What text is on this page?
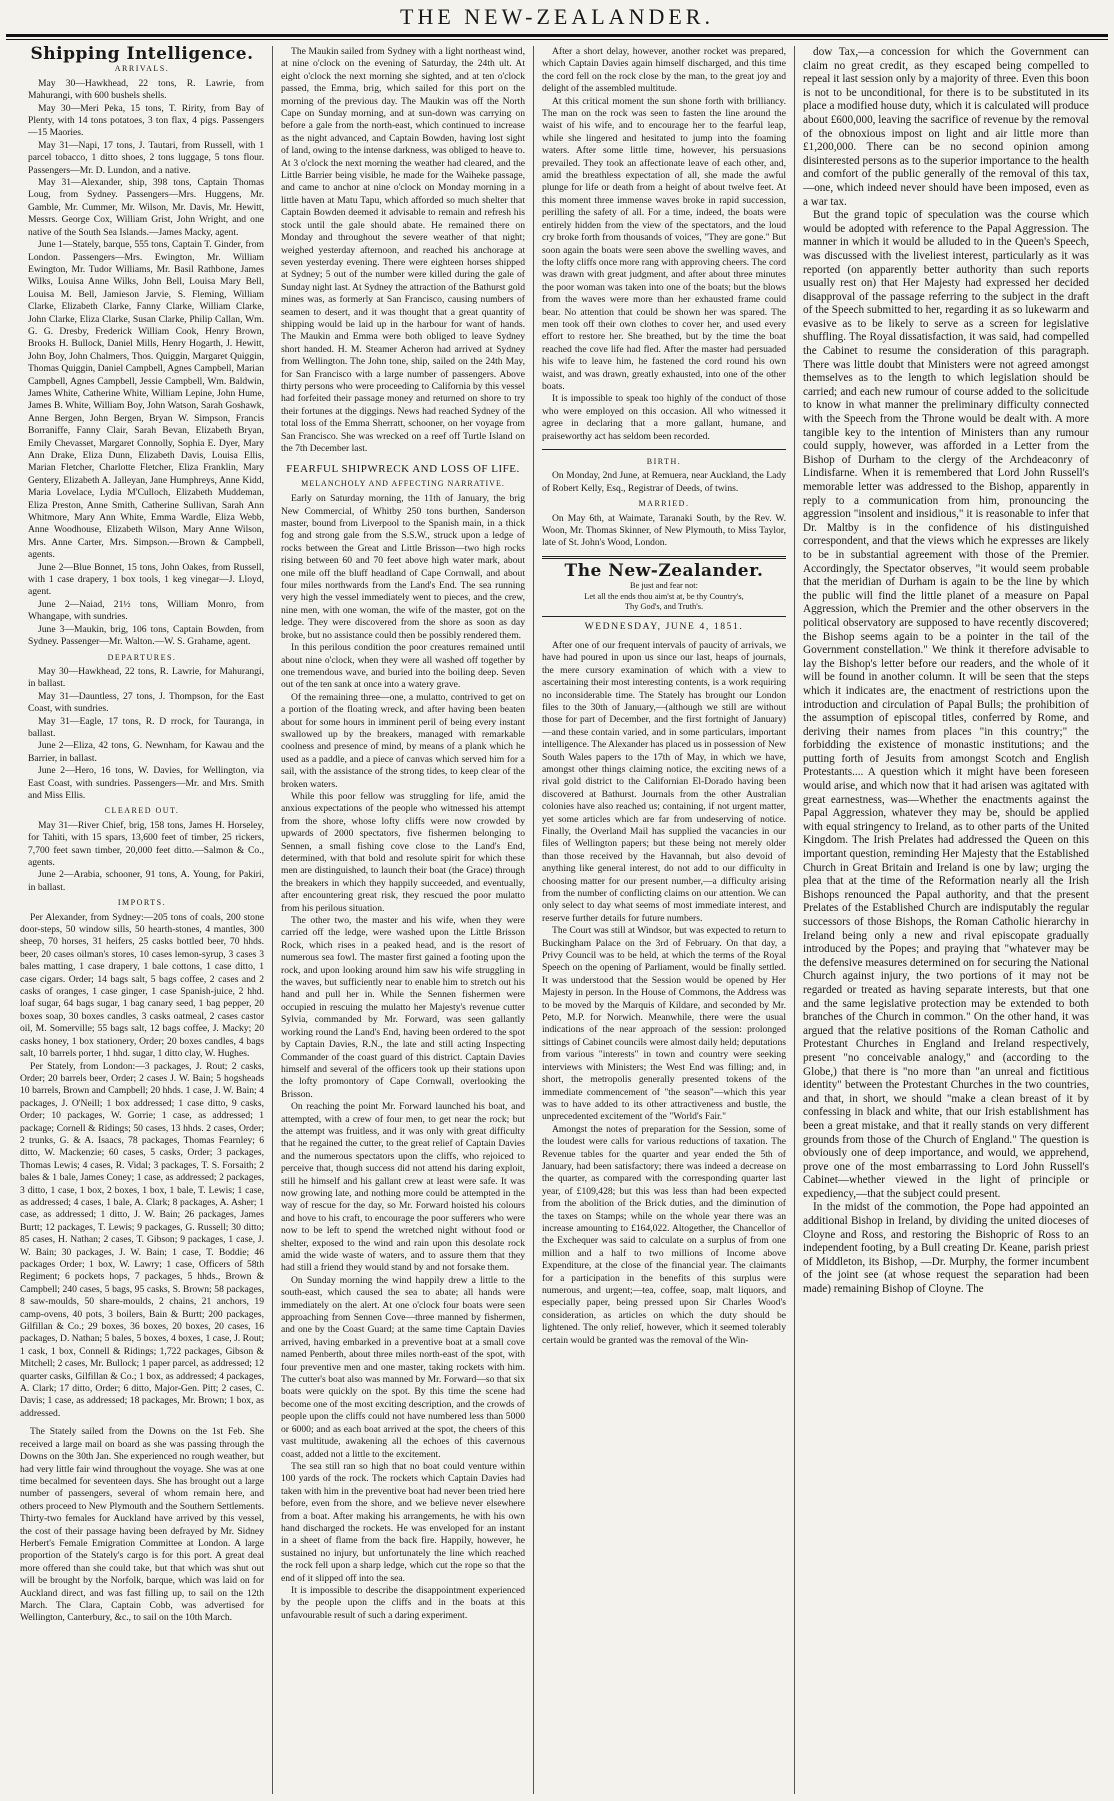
THE NEW-ZEALANDER.
Shipping Intelligence.
ARRIVALS.

May 30—Hawkhead, 22 tons, R. Lawrie, from Mahurangi, with 600 bushels shells.

May 30—Meri Peka, 15 tons, T. Ririty, from Bay of Plenty, with 14 tons potatoes, 3 ton flax, 4 pigs. Passengers—15 Maories.

May 31—Napi, 17 tons, J. Tautari, from Russell, with 1 parcel tobacco, 1 ditto shoes, 2 tons luggage, 5 tons flour. Passengers—Mr. D. Lundon, and a native.

May 31—Alexander, ship, 398 tons, Captain Thomas Loug, from Sydney. Passengers—Mrs. Huggens, Mr. Gamble, Mr. Cummer, Mr. Wilson, Mr. Davis, Mr. Hewitt, Messrs. George Cox, William Grist, John Wright, and one native of the South Sea Islands.—James Macky, agent.

June 1—Stately, barque, 555 tons, Captain T. Ginder, from London. Passengers—Mrs. Ewington, Mr. William Ewington, Mr. Tudor Williams, Mr. Basil Rathbone, James Wilks, Louisa Anne Wilks, John Bell, Louisa Mary Bell, Louisa M. Bell, Jamieson Jarvie, S. Fleming, William Clarke, Elizabeth Clarke, Fanny Clarke, William Clarke, John Clarke, Eliza Clarke, Susan Clarke, Philip Callan, Wm. G. G. Dresby, Frederick William Cook, Henry Brown, Brooks H. Bullock, Daniel Mills, Henry Hogarth, J. Hewitt, John Boy, John Chalmers, Thos. Quiggin, Margaret Quiggin, Thomas Quiggin, Daniel Campbell, Agnes Campbell, Marian Campbell, Agnes Campbell, Jessie Campbell, Wm. Baldwin, James White, Catherine White, William Lepine, John Hume, James B. White, William Boy, John Watson, Sarah Goshawk, Anne Bergen, John Bergen, Bryan W. Simpson, Francis Borraniffe, Fanny Clair, Sarah Bevan, Elizabeth Bryan, Emily Chevasset, Margaret Connolly, Sophia E. Dyer, Mary Ann Drake, Eliza Dunn, Elizabeth Davis, Louisa Ellis, Marian Fletcher, Charlotte Fletcher, Eliza Franklin, Mary Gentery, Elizabeth A. Jalleyan, Jane Humphreys, Anne Kidd, Maria Lovelace, Lydia M'Culloch, Elizabeth Muddeman, Eliza Preston, Anne Smith, Catherine Sullivan, Sarah Ann Whitmore, Mary Ann White, Emma Wardle, Eliza Webb, Anne Woodhouse, Elizabeth Wilson, Mary Anne Wilson, Mrs. Anne Carter, Mrs. Simpson.—Brown & Campbell, agents.

June 2—Blue Bonnet, 15 tons, John Oakes, from Russell, with 1 case drapery, 1 box tools, 1 keg vinegar—J. Lloyd, agent.

June 2—Naiad, 21½ tons, William Monro, from Whangape, with sundries.

June 3—Maukin, brig, 106 tons, Captain Bowden, from Sydney. Passenger—Mr. Walton.—W. S. Grahame, agent.

DEPARTURES.

May 30—Hawkhead, 22 tons, R. Lawrie, for Mahurangi, in ballast.

May 31—Dauntless, 27 tons, J. Thompson, for the East Coast, with sundries.

May 31—Eagle, 17 tons, R. D rrock, for Tauranga, in ballast.

June 2—Eliza, 42 tons, G. Newnham, for Kawau and the Barrier, in ballast.

June 2—Hero, 16 tons, W. Davies, for Wellington, via East Coast, with sundries. Passengers—Mr. and Mrs. Smith and Miss Ellis.

CLEARED OUT.

May 31—River Chief, brig, 158 tons, James H. Horseley, for Tahiti, with 15 spars, 13,600 feet of timber, 25 rickers, 7,700 feet sawn timber, 20,000 feet ditto.—Salmon & Co., agents.

June 2—Arabia, schooner, 91 tons, A. Young, for Pakiri, in ballast.

IMPORTS.

Per Alexander, from Sydney:—205 tons of coals, 200 stone door-steps, 50 window sills, 50 hearth-stones, 4 mantles, 300 sheep, 70 horses, 31 heifers, 25 casks bottled beer, 70 hhds. beer, 20 cases oilman's stores, 10 cases lemon-syrup, 3 cases 3 bales matting, 1 case drapery, 1 bale cottons, 1 case ditto, 1 case cigars. Order; 14 bags salt, 5 bags coffee, 2 cases and 2 casks of oranges, 1 case ginger, 1 case Spanish-juice, 2 hhd. loaf sugar, 64 bags sugar, 1 bag canary seed, 1 bag pepper, 20 boxes soap, 30 boxes candles, 3 casks oatmeal, 2 cases castor oil, M. Somerville; 55 bags salt, 12 bags coffee, J. Macky; 20 casks honey, 1 box stationery, Order; 20 boxes candles, 4 bags salt, 10 barrels porter, 1 hhd. sugar, 1 ditto clay, W. Hughes.

Per Stately, from London:—3 packages, J. Rout; 2 casks, Order; 20 barrels beer, Order; 2 cases J. W. Bain; 5 hogsheads 10 barrels, Brown and Campbell; 20 hhds. 1 case, J. W. Bain; 4 packages, J. O'Neill; 1 box addressed; 1 case ditto, 9 casks, Order; 10 packages, W. Gorrie; 1 case, as addressed; 1 package; Cornell & Ridings; 50 cases, 13 hhds. 2 cases, Order; 2 trunks, G. & A. Isaacs, 78 packages, Thomas Fearnley; 6 ditto, W. Mackenzie; 60 cases, 5 casks, Order; 3 packages, Thomas Lewis; 4 cases, R. Vidal; 3 packages, T. S. Forsaith; 2 bales & 1 bale, James Coney; 1 case, as addressed; 2 packages, 3 ditto, 1 case, 1 box, 2 boxes, 1 box, 1 bale, T. Lewis; 1 case, as addressed; 4 cases, 1 bale, A. Clark; 8 packages, A. Asher; 1 case, as addressed; 1 ditto, J. W. Bain; 26 packages, James Burtt; 12 packages, T. Lewis; 9 packages, G. Russell; 30 ditto; 85 cases, H. Nathan; 2 cases, T. Gibson; 9 packages, 1 case, J. W. Bain; 30 packages, J. W. Bain; 1 case, T. Boddie; 46 packages Order; 1 box, W. Lawry; 1 case, Officers of 58th Regiment; 6 pockets hops, 7 packages, 5 hhds., Brown & Campbell; 240 cases, 5 bags, 95 casks, S. Brown; 58 packages, 8 saw-moulds, 50 share-moulds, 2 chains, 21 anchors, 19 camp-ovens, 40 pots, 3 boilers, Bain & Burtt; 200 packages, Gilfillan & Co.; 29 boxes, 36 boxes, 20 boxes, 20 cases, 16 packages, D. Nathan; 5 bales, 5 boxes, 4 boxes, 1 case, J. Rout; 1 cask, 1 box, Connell & Ridings; 1,722 packages, Gibson & Mitchell; 2 cases, Mr. Bullock; 1 paper parcel, as addressed; 12 quarter casks, Gilfillan & Co.; 1 box, as addressed; 4 packages, A. Clark; 17 ditto, Order; 6 ditto, Major-Gen. Pitt; 2 cases, C. Davis; 1 case, as addressed; 18 packages, Mr. Brown; 1 box, as addressed.

The Stately sailed from the Downs on the 1st Feb. She received a large mail on board as she was passing through the Downs on the 30th Jan. She experienced no rough weather, but had very little fair wind throughout the voyage. She was at one time becalmed for seventeen days. She has brought out a large number of passengers, several of whom remain here, and others proceed to New Plymouth and the Southern Settlements. Thirty-two females for Auckland have arrived by this vessel, the cost of their passage having been defrayed by Mr. Sidney Herbert's Female Emigration Committee at London. A large proportion of the Stately's cargo is for this port. A great deal more offered than she could take, but that which was shut out will be brought by the Norfolk, barque, which was laid on for Auckland direct, and was fast filling up, to sail on the 12th March. The Clara, Captain Cobb, was advertised for Wellington, Canterbury, &c., to sail on the 10th March.

The Maukin sailed from Sydney with a light northeast wind, at nine o'clock on the evening of Saturday, the 24th ult. At eight o'clock the next morning she sighted, and at ten o'clock passed, the Emma, brig, which sailed for this port on the morning of the previous day. The Maukin was off the North Cape on Sunday morning, and at sun-down was carrying on before a gale from the north-east, which continued to increase as the night advanced, and Captain Bowden, having lost sight of land, owing to the intense darkness, was obliged to heave to. At 3 o'clock the next morning the weather had cleared, and the Little Barrier being visible, he made for the Waiheke passage, and came to anchor at nine o'clock on Monday morning in a little haven at Matu Tapu, which afforded so much shelter that Captain Bowden deemed it advisable to remain and refresh his stock until the gale should abate. He remained there on Monday and throughout the severe weather of that night; weighed yesterday afternoon, and reached his anchorage at seven yesterday evening. There were eighteen horses shipped at Sydney; 5 out of the number were killed during the gale of Sunday night last. At Sydney the attraction of the Bathurst gold mines was, as formerly at San Francisco, causing numbers of seamen to desert, and it was thought that a great quantity of shipping would be laid up in the harbour for want of hands. The Maukin and Emma were both obliged to leave Sydney short handed. H. M. Steamer Acheron had arrived at Sydney from Wellington. The John tone, ship, sailed on the 24th May, for San Francisco with a large number of passengers. Above thirty persons who were proceeding to California by this vessel had forfeited their passage money and returned on shore to try their fortunes at the diggings. News had reached Sydney of the total loss of the Emma Sherratt, schooner, on her voyage from San Francisco. She was wrecked on a reef off Turtle Island on the 7th December last.

FEARFUL SHIPWRECK AND LOSS OF LIFE.
MELANCHOLY AND AFFECTING NARRATIVE.

Early on Saturday morning, the 11th of January, the brig New Commercial, of Whitby 250 tons burthen, Sanderson master, bound from Liverpool to the Spanish main, in a thick fog and strong gale from the S.S.W., struck upon a ledge of rocks between the Great and Little Brisson—two high rocks rising between 60 and 70 feet above high water mark, about one mile off the bluff headland of Cape Cornwall, and about four miles northwards from the Land's End. The sea running very high the vessel immediately went to pieces, and the crew, nine men, with one woman, the wife of the master, got on the ledge. They were discovered from the shore as soon as day broke, but no assistance could then be possibly rendered them.

In this perilous condition the poor creatures remained until about nine o'clock, when they were all washed off together by one tremendous wave, and buried into the boiling deep. Seven out of the ten sank at once into a watery grave.

Of the remaining three—one, a mulatto, contrived to get on a portion of the floating wreck, and after having been beaten about for some hours in imminent peril of being every instant swallowed up by the breakers, managed with remarkable coolness and presence of mind, by means of a plank which he used as a paddle, and a piece of canvas which served him for a sail, with the assistance of the strong tides, to keep clear of the broken waters.

While this poor fellow was struggling for life, amid the anxious expectations of the people who witnessed his attempt from the shore, whose lofty cliffs were now crowded by upwards of 2000 spectators, five fishermen belonging to Sennen, a small fishing cove close to the Land's End, determined, with that bold and resolute spirit for which these men are distinguished, to launch their boat (the Grace) through the breakers in which they happily succeeded, and eventually, after encountering great risk, they rescued the poor mulatto from his perilous situation.

The other two, the master and his wife, when they were carried off the ledge, were washed upon the Little Brisson Rock, which rises in a peaked head, and is the resort of numerous sea fowl. The master first gained a footing upon the rock, and upon looking around him saw his wife struggling in the waves, but sufficiently near to enable him to stretch out his hand and pull her in. While the Sennen fishermen were occupied in rescuing the mulatto her Majesty's revenue cutter Sylvia, commanded by Mr. Forward, was seen gallantly working round the Land's End, having been ordered to the spot by Captain Davies, R.N., the late and still acting Inspecting Commander of the coast guard of this district. Captain Davies himself and several of the officers took up their stations upon the lofty promontory of Cape Cornwall, overlooking the Brisson.

On reaching the point Mr. Forward launched his boat, and attempted, with a crew of four men, to get near the rock; but the attempt was fruitless, and it was only with great difficulty that he regained the cutter, to the great relief of Captain Davies and the numerous spectators upon the cliffs, who rejoiced to perceive that, though success did not attend his daring exploit, still he himself and his gallant crew at least were safe. It was now growing late, and nothing more could be attempted in the way of rescue for the day, so Mr. Forward hoisted his colours and hove to his craft, to encourage the poor sufferers who were now to be left to spend the wretched night without food or shelter, exposed to the wind and rain upon this desolate rock amid the wide waste of waters, and to assure them that they had still a friend they would stand by and not forsake them.

On Sunday morning the wind happily drew a little to the south-east, which caused the sea to abate; all hands were immediately on the alert. At one o'clock four boats were seen approaching from Sennen Cove—three manned by fishermen, and one by the Coast Guard; at the same time Captain Davies arrived, having embarked in a preventive boat at a small cove named Penberth, about three miles north-east of the spot, with four preventive men and one master, taking rockets with him. The cutter's boat also was manned by Mr. Forward—so that six boats were quickly on the spot. By this time the scene had become one of the most exciting description, and the crowds of people upon the cliffs could not have numbered less than 5000 or 6000; and as each boat arrived at the spot, the cheers of this vast multitude, awakening all the echoes of this cavernous coast, added not a little to the excitement.

The sea still ran so high that no boat could venture within 100 yards of the rock. The rockets which Captain Davies had taken with him in the preventive boat had never been tried here before, even from the shore, and we believe never elsewhere from a boat. After making his arrangements, he with his own hand discharged the rockets. He was enveloped for an instant in a sheet of flame from the back fire. Happily, however, he sustained no injury, but unfortunately the line which reached the rock fell upon a sharp ledge, which cut the rope so that the end of it slipped off into the sea.

It is impossible to describe the disappointment experienced by the people upon the cliffs and in the boats at this unfavourable result of such a daring experiment.

After a short delay, however, another rocket was prepared, which Captain Davies again himself discharged, and this time the cord fell on the rock close by the man, to the great joy and delight of the assembled multitude.

At this critical moment the sun shone forth with brilliancy. The man on the rock was seen to fasten the line around the waist of his wife, and to encourage her to the fearful leap, while she lingered and hesitated to jump into the foaming waters. After some little time, however, his persuasions prevailed. They took an affectionate leave of each other, and, amid the breathless expectation of all, she made the awful plunge for life or death from a height of about twelve feet. At this moment three immense waves broke in rapid succession, perilling the safety of all. For a time, indeed, the boats were entirely hidden from the view of the spectators, and the loud cry broke forth from thousands of voices, "They are gone." But soon again the boats were seen above the swelling waves, and the lofty cliffs once more rang with approving cheers. The cord was drawn with great judgment, and after about three minutes the poor woman was taken into one of the boats; but the blows from the waves were more than her exhausted frame could bear. No attention that could be shown her was spared. The men took off their own clothes to cover her, and used every effort to restore her. She breathed, but by the time the boat reached the cove life had fled. After the master had persuaded his wife to leave him, he fastened the cord round his own waist, and was drawn, greatly exhausted, into one of the other boats.

It is impossible to speak too highly of the conduct of those who were employed on this occasion. All who witnessed it agree in declaring that a more gallant, humane, and praiseworthy act has seldom been recorded.

BIRTH.

On Monday, 2nd June, at Remuera, near Auckland, the Lady of Robert Kelly, Esq., Registrar of Deeds, of twins.

MARRIED.

On May 6th, at Waimate, Taranaki South, by the Rev. W. Woon, Mr. Thomas Skinner, of New Plymouth, to Miss Taylor, late of St. John's Wood, London.

The New-Zealander.
Be just and fear not:
Let all the ends thou aim'st at, be thy Country's,
Thy God's, and Truth's.
WEDNESDAY, JUNE 4, 1851.

After one of our frequent intervals of paucity of arrivals, we have had poured in upon us since our last, heaps of journals, the mere cursory examination of which with a view to ascertaining their most interesting contents, is a work requiring no inconsiderable time. The Stately has brought our London files to the 30th of January,—(although we still are without those for part of December, and the first fortnight of January)—and these contain varied, and in some particulars, important intelligence. The Alexander has placed us in possession of New South Wales papers to the 17th of May, in which we have, amongst other things claiming notice, the exciting news of a rival gold district to the Californian El-Dorado having been discovered at Bathurst. Journals from the other Australian colonies have also reached us; containing, if not urgent matter, yet some articles which are far from undeserving of notice. Finally, the Overland Mail has supplied the vacancies in our files of Wellington papers; but these being not merely older than those received by the Havannah, but also devoid of anything like general interest, do not add to our difficulty in choosing matter for our present number,—a difficulty arising from the number of conflicting claims on our attention. We can only select to day what seems of most immediate interest, and reserve further details for future numbers.

The Court was still at Windsor, but was expected to return to Buckingham Palace on the 3rd of February. On that day, a Privy Council was to be held, at which the terms of the Royal Speech on the opening of Parliament, would be finally settled. It was understood that the Session would be opened by Her Majesty in person. In the House of Commons, the Address was to be moved by the Marquis of Kildare, and seconded by Mr. Peto, M.P. for Norwich. Meanwhile, there were the usual indications of the near approach of the session: prolonged sittings of Cabinet councils were almost daily held; deputations from various "interests" in town and country were seeking interviews with Ministers; the West End was filling; and, in short, the metropolis generally presented tokens of the immediate commencement of "the season"—which this year was to have added to its other attractiveness and bustle, the unprecedented excitement of the "World's Fair."

Amongst the notes of preparation for the Session, some of the loudest were calls for various reductions of taxation. The Revenue tables for the quarter and year ended the 5th of January, had been satisfactory; there was indeed a decrease on the quarter, as compared with the corresponding quarter last year, of £109,428; but this was less than had been expected from the abolition of the Brick duties, and the diminution of the taxes on Stamps; while on the whole year there was an increase amounting to £164,022. Altogether, the Chancellor of the Exchequer was said to calculate on a surplus of from one million and a half to two millions of Income above Expenditure, at the close of the financial year. The claimants for a participation in the benefits of this surplus were numerous, and urgent;—tea, coffee, soap, malt liquors, and especially paper, being pressed upon Sir Charles Wood's consideration, as articles on which the duty should be lightened. The only relief, however, which it seemed tolerably certain would be granted was the removal of the Win-

dow Tax,—a concession for which the Government can claim no great credit, as they escaped being compelled to repeal it last session only by a majority of three. Even this boon is not to be unconditional, for there is to be substituted in its place a modified house duty, which it is calculated will produce about £600,000, leaving the sacrifice of revenue by the removal of the obnoxious impost on light and air little more than £1,200,000. There can be no second opinion among disinterested persons as to the superior importance to the health and comfort of the public generally of the removal of this tax,—one, which indeed never should have been imposed, even as a war tax.

But the grand topic of speculation was the course which would be adopted with reference to the Papal Aggression. The manner in which it would be alluded to in the Queen's Speech, was discussed with the liveliest interest, particularly as it was reported (on apparently better authority than such reports usually rest on) that Her Majesty had expressed her decided disapproval of the passage referring to the subject in the draft of the Speech submitted to her, regarding it as so lukewarm and evasive as to be likely to serve as a screen for legislative shuffling. The Royal dissatisfaction, it was said, had compelled the Cabinet to resume the consideration of this paragraph. There was little doubt that Ministers were not agreed amongst themselves as to the length to which legislation should be carried; and each new rumour of course added to the solicitude to know in what manner the preliminary difficulty connected with the Speech from the Throne would be dealt with. A more tangible key to the intention of Ministers than any rumour could supply, however, was afforded in a Letter from the Bishop of Durham to the clergy of the Archdeaconry of Lindisfarne. When it is remembered that Lord John Russell's memorable letter was addressed to the Bishop, apparently in reply to a communication from him, pronouncing the aggression "insolent and insidious," it is reasonable to infer that Dr. Maltby is in the confidence of his distinguished correspondent, and that the views which he expresses are likely to be in substantial agreement with those of the Premier. Accordingly, the Spectator observes, "it would seem probable that the meridian of Durham is again to be the line by which the public will find the little planet of a measure on Papal Aggression, which the Premier and the other observers in the political observatory are supposed to have recently discovered; the Bishop seems again to be a pointer in the tail of the Government constellation." We think it therefore advisable to lay the Bishop's letter before our readers, and the whole of it will be found in another column. It will be seen that the steps which it indicates are, the enactment of restrictions upon the introduction and circulation of Papal Bulls; the prohibition of the assumption of episcopal titles, conferred by Rome, and deriving their names from places "in this country;" the forbidding the existence of monastic institutions; and the putting forth of Jesuits from amongst Scotch and English Protestants.... A question which it might have been foreseen would arise, and which now that it had arisen was agitated with great earnestness, was—Whether the enactments against the Papal Aggression, whatever they may be, should be applied with equal stringency to Ireland, as to other parts of the United Kingdom. The Irish Prelates had addressed the Queen on this important question, reminding Her Majesty that the Established Church in Great Britain and Ireland is one by law; urging the plea that at the time of the Reformation nearly all the Irish Bishops renounced the Papal authority, and that the present Prelates of the Established Church are indisputably the regular successors of those Bishops, the Roman Catholic hierarchy in Ireland being only a new and rival episcopate gradually introduced by the Popes; and praying that "whatever may be the defensive measures determined on for securing the National Church against injury, the two portions of it may not be regarded or treated as having separate interests, but that one and the same legislative protection may be extended to both branches of the Church in common." On the other hand, it was argued that the relative positions of the Roman Catholic and Protestant Churches in England and Ireland respectively, present "no conceivable analogy," and (according to the Globe,) that there is "no more than "an unreal and fictitious identity" between the Protestant Churches in the two countries, and that, in short, we should "make a clean breast of it by confessing in black and white, that our Irish establishment has been a great mistake, and that it really stands on very different grounds from those of the Church of England." The question is obviously one of deep importance, and would, we apprehend, prove one of the most embarrassing to Lord John Russell's Cabinet—whether viewed in the light of principle or expediency,—that the subject could present.

In the midst of the commotion, the Pope had appointed an additional Bishop in Ireland, by dividing the united dioceses of Cloyne and Ross, and restoring the Bishopric of Ross to an independent footing, by a Bull creating Dr. Keane, parish priest of Middleton, its Bishop, —Dr. Murphy, the former incumbent of the joint see (at whose request the separation had been made) remaining Bishop of Cloyne. The
